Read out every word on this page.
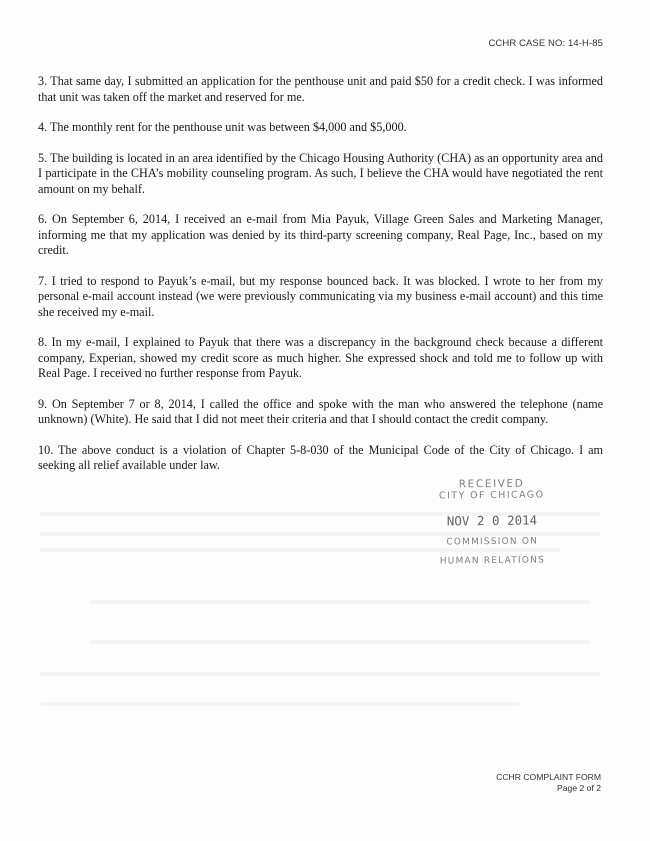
CCHR CASE NO: 14-H-85

3. That same day, I submitted an application for the penthouse unit and paid $50 for a credit check. I was informed that unit was taken off the market and reserved for me.

4. The monthly rent for the penthouse unit was between $4,000 and $5,000.

5. The building is located in an area identified by the Chicago Housing Authority (CHA) as an opportunity area and I participate in the CHA’s mobility counseling program. As such, I believe the CHA would have negotiated the rent amount on my behalf.

6. On September 6, 2014, I received an e-mail from Mia Payuk, Village Green Sales and Marketing Manager, informing me that my application was denied by its third-party screening company, Real Page, Inc., based on my credit.

7. I tried to respond to Payuk’s e-mail, but my response bounced back. It was blocked. I wrote to her from my personal e-mail account instead (we were previously communicating via my business e-mail account) and this time she received my e-mail.

8. In my e-mail, I explained to Payuk that there was a discrepancy in the background check because a different company, Experian, showed my credit score as much higher. She expressed shock and told me to follow up with Real Page. I received no further response from Payuk.

9. On September 7 or 8, 2014, I called the office and spoke with the man who answered the telephone (name unknown) (White). He said that I did not meet their criteria and that I should contact the credit company.

10. The above conduct is a violation of Chapter 5-8-030 of the Municipal Code of the City of Chicago. I am seeking all relief available under law.

RECEIVED
CITY OF CHICAGO
NOV 2 0 2014
COMMISSION ON
HUMAN RELATIONS
CCHR COMPLAINT FORM
Page 2 of 2
